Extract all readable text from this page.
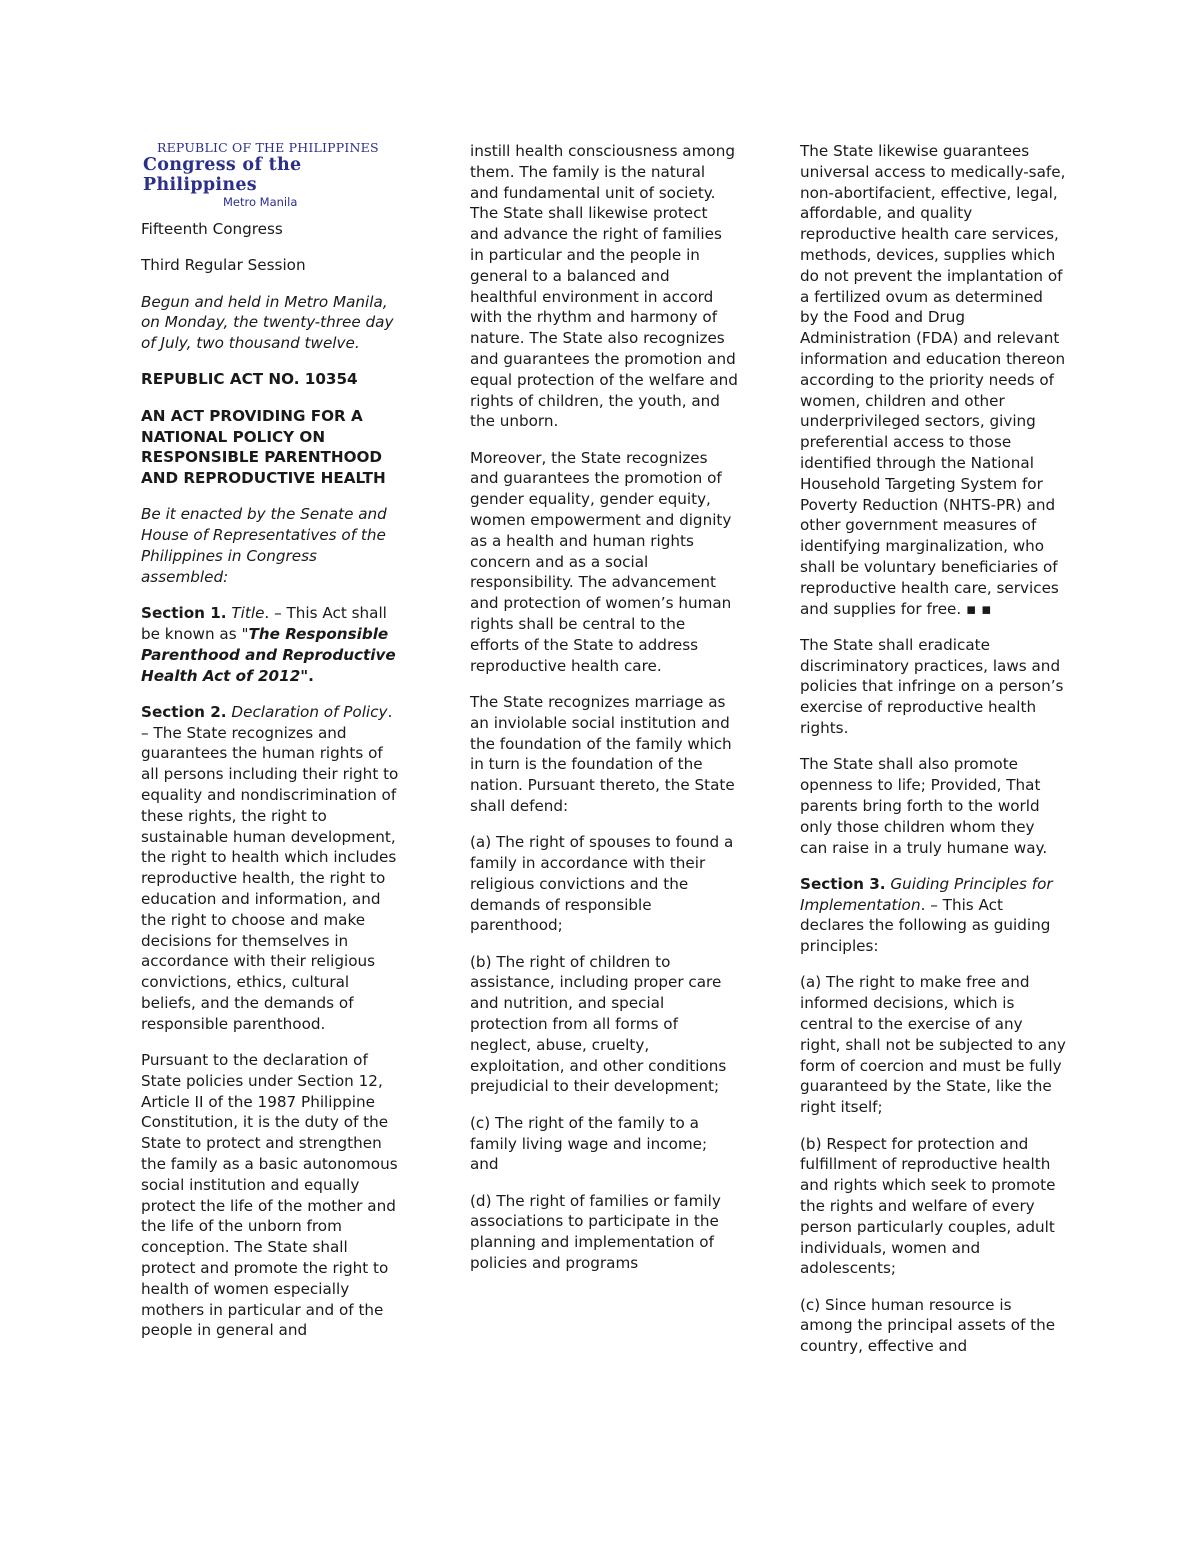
REPUBLIC OF THE PHILIPPINES
Congress of the Philippines
Metro Manila

Fifteenth Congress

Third Regular Session

Begun and held in Metro Manila, on Monday, the twenty-three day of July, two thousand twelve.

REPUBLIC ACT NO. 10354

AN ACT PROVIDING FOR A NATIONAL POLICY ON RESPONSIBLE PARENTHOOD AND REPRODUCTIVE HEALTH

Be it enacted by the Senate and House of Representatives of the Philippines in Congress assembled:

Section 1. Title. – This Act shall be known as "The Responsible Parenthood and Reproductive Health Act of 2012".

Section 2. Declaration of Policy. – The State recognizes and guarantees the human rights of all persons including their right to equality and nondiscrimination of these rights, the right to sustainable human development, the right to health which includes reproductive health, the right to education and information, and the right to choose and make decisions for themselves in accordance with their religious convictions, ethics, cultural beliefs, and the demands of responsible parenthood.

Pursuant to the declaration of State policies under Section 12, Article II of the 1987 Philippine Constitution, it is the duty of the State to protect and strengthen the family as a basic autonomous social institution and equally protect the life of the mother and the life of the unborn from conception. The State shall protect and promote the right to health of women especially mothers in particular and of the people in general and

instill health consciousness among them. The family is the natural and fundamental unit of society. The State shall likewise protect and advance the right of families in particular and the people in general to a balanced and healthful environment in accord with the rhythm and harmony of nature. The State also recognizes and guarantees the promotion and equal protection of the welfare and rights of children, the youth, and the unborn.

Moreover, the State recognizes and guarantees the promotion of gender equality, gender equity, women empowerment and dignity as a health and human rights concern and as a social responsibility. The advancement and protection of women’s human rights shall be central to the efforts of the State to address reproductive health care.

The State recognizes marriage as an inviolable social institution and the foundation of the family which in turn is the foundation of the nation. Pursuant thereto, the State shall defend:

(a) The right of spouses to found a family in accordance with their religious convictions and the demands of responsible parenthood;

(b) The right of children to assistance, including proper care and nutrition, and special protection from all forms of neglect, abuse, cruelty, exploitation, and other conditions prejudicial to their development;

(c) The right of the family to a family living wage and income; and

(d) The right of families or family associations to participate in the planning and implementation of policies and programs

The State likewise guarantees universal access to medically-safe, non-abortifacient, effective, legal, affordable, and quality reproductive health care services, methods, devices, supplies which do not prevent the implantation of a fertilized ovum as determined by the Food and Drug Administration (FDA) and relevant information and education thereon according to the priority needs of women, children and other underprivileged sectors, giving preferential access to those identified through the National Household Targeting System for Poverty Reduction (NHTS-PR) and other government measures of identifying marginalization, who shall be voluntary beneficiaries of reproductive health care, services and supplies for free. ▪ ▪

The State shall eradicate discriminatory practices, laws and policies that infringe on a person’s exercise of reproductive health rights.

The State shall also promote openness to life; Provided, That parents bring forth to the world only those children whom they can raise in a truly humane way.

Section 3. Guiding Principles for Implementation. – This Act declares the following as guiding principles:

(a) The right to make free and informed decisions, which is central to the exercise of any right, shall not be subjected to any form of coercion and must be fully guaranteed by the State, like the right itself;

(b) Respect for protection and fulfillment of reproductive health and rights which seek to promote the rights and welfare of every person particularly couples, adult individuals, women and adolescents;

(c) Since human resource is among the principal assets of the country, effective and
